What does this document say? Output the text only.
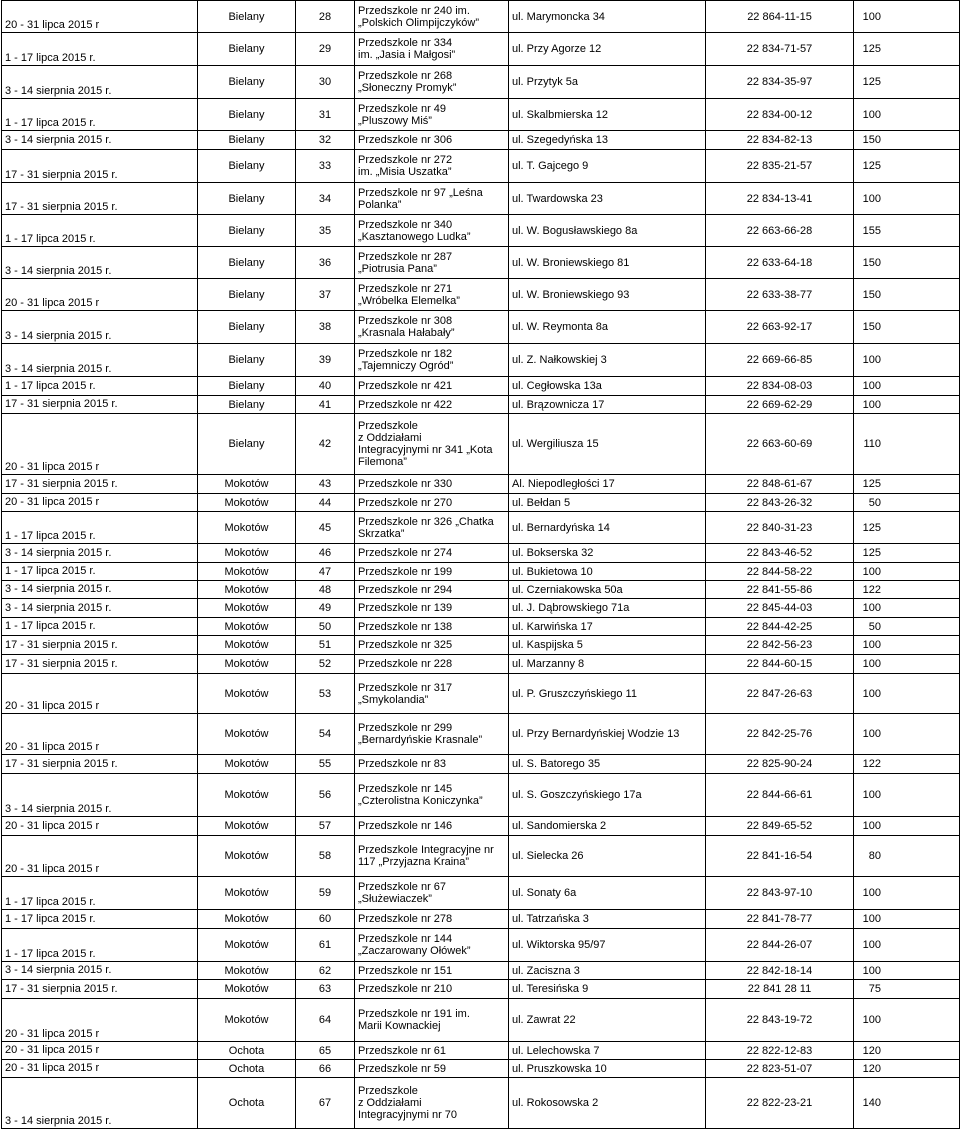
20 - 31 lipca 2015 r	Bielany	28	Przedszkole nr 240 im.
„Polskich Olimpijczyków”	ul. Marymoncka 34	22 864-11-15	100
1 - 17 lipca 2015 r.	Bielany	29	Przedszkole nr 334
im. „Jasia i Małgosi”	ul. Przy Agorze 12	22 834-71-57	125
3 - 14 sierpnia 2015 r.	Bielany	30	Przedszkole nr 268
„Słoneczny Promyk”	ul. Przytyk 5a	22 834-35-97	125
1 - 17 lipca 2015 r.	Bielany	31	Przedszkole nr 49
„Pluszowy Miś”	ul. Skalbmierska 12	22 834-00-12	100
3 - 14 sierpnia 2015 r.	Bielany	32	Przedszkole nr 306	ul. Szegedyńska 13	22 834-82-13	150
17 - 31 sierpnia 2015 r.	Bielany	33	Przedszkole nr 272
im. „Misia Uszatka”	ul. T. Gajcego 9	22 835-21-57	125
17 - 31 sierpnia 2015 r.	Bielany	34	Przedszkole nr 97 „Leśna
Polanka”	ul. Twardowska 23	22 834-13-41	100
1 - 17 lipca 2015 r.	Bielany	35	Przedszkole nr 340
„Kasztanowego Ludka”	ul. W. Bogusławskiego 8a	22 663-66-28	155
3 - 14 sierpnia 2015 r.	Bielany	36	Przedszkole nr 287
„Piotrusia Pana”	ul. W. Broniewskiego 81	22 633-64-18	150
20 - 31 lipca 2015 r	Bielany	37	Przedszkole nr 271
„Wróbelka Elemelka”	ul. W. Broniewskiego 93	22 633-38-77	150
3 - 14 sierpnia 2015 r.	Bielany	38	Przedszkole nr 308
„Krasnala Hałabały”	ul. W. Reymonta 8a	22 663-92-17	150
3 - 14 sierpnia 2015 r.	Bielany	39	Przedszkole nr 182
„Tajemniczy Ogród”	ul. Z. Nałkowskiej 3	22 669-66-85	100
1 - 17 lipca 2015 r.	Bielany	40	Przedszkole nr 421	ul. Cegłowska 13a	22 834-08-03	100
17 - 31 sierpnia 2015 r.	Bielany	41	Przedszkole nr 422	ul. Brązownicza 17	22 669-62-29	100
20 - 31 lipca 2015 r	Bielany	42	Przedszkole
z Oddziałami
Integracyjnymi nr 341 „Kota
Filemona”	ul. Wergiliusza 15	22 663-60-69	110
17 - 31 sierpnia 2015 r.	Mokotów	43	Przedszkole nr 330	Al. Niepodległości 17	22 848-61-67	125
20 - 31 lipca 2015 r	Mokotów	44	Przedszkole nr 270	ul. Bełdan 5	22 843-26-32	50
1 - 17 lipca 2015 r.	Mokotów	45	Przedszkole nr 326 „Chatka
Skrzatka”	ul. Bernardyńska 14	22 840-31-23	125
3 - 14 sierpnia 2015 r.	Mokotów	46	Przedszkole nr 274	ul. Bokserska 32	22 843-46-52	125
1 - 17 lipca 2015 r.	Mokotów	47	Przedszkole nr 199	ul. Bukietowa 10	22 844-58-22	100
3 - 14 sierpnia 2015 r.	Mokotów	48	Przedszkole nr 294	ul. Czerniakowska 50a	22 841-55-86	122
3 - 14 sierpnia 2015 r.	Mokotów	49	Przedszkole nr 139	ul. J. Dąbrowskiego 71a	22 845-44-03	100
1 - 17 lipca 2015 r.	Mokotów	50	Przedszkole nr 138	ul. Karwińska 17	22 844-42-25	50
17 - 31 sierpnia 2015 r.	Mokotów	51	Przedszkole nr 325	ul. Kaspijska 5	22 842-56-23	100
17 - 31 sierpnia 2015 r.	Mokotów	52	Przedszkole nr 228	ul. Marzanny 8	22 844-60-15	100
20 - 31 lipca 2015 r	Mokotów	53	Przedszkole nr 317
„Smykolandia”	ul. P. Gruszczyńskiego 11	22 847-26-63	100
20 - 31 lipca 2015 r	Mokotów	54	Przedszkole nr 299
„Bernardyńskie Krasnale”	ul. Przy Bernardyńskiej Wodzie 13	22 842-25-76	100
17 - 31 sierpnia 2015 r.	Mokotów	55	Przedszkole nr 83	ul. S. Batorego 35	22 825-90-24	122
3 - 14 sierpnia 2015 r.	Mokotów	56	Przedszkole nr 145
„Czterolistna Koniczynka”	ul. S. Goszczyńskiego 17a	22 844-66-61	100
20 - 31 lipca 2015 r	Mokotów	57	Przedszkole nr 146	ul. Sandomierska 2	22 849-65-52	100
20 - 31 lipca 2015 r	Mokotów	58	Przedszkole Integracyjne nr
117 „Przyjazna Kraina”	ul. Sielecka 26	22 841-16-54	80
1 - 17 lipca 2015 r.	Mokotów	59	Przedszkole nr 67
„Służewiaczek”	ul. Sonaty 6a	22 843-97-10	100
1 - 17 lipca 2015 r.	Mokotów	60	Przedszkole nr 278	ul. Tatrzańska 3	22 841-78-77	100
1 - 17 lipca 2015 r.	Mokotów	61	Przedszkole nr 144
„Zaczarowany Ołówek”	ul. Wiktorska 95/97	22 844-26-07	100
3 - 14 sierpnia 2015 r.	Mokotów	62	Przedszkole nr 151	ul. Zaciszna 3	22 842-18-14	100
17 - 31 sierpnia 2015 r.	Mokotów	63	Przedszkole nr 210	ul. Teresińska 9	22 841 28 11	75
20 - 31 lipca 2015 r	Mokotów	64	Przedszkole nr 191 im.
Marii Kownackiej	ul. Zawrat 22	22 843-19-72	100
20 - 31 lipca 2015 r	Ochota	65	Przedszkole nr 61	ul. Lelechowska 7	22 822-12-83	120
20 - 31 lipca 2015 r	Ochota	66	Przedszkole nr 59	ul. Pruszkowska 10	22 823-51-07	120
3 - 14 sierpnia 2015 r.	Ochota	67	Przedszkole
z Oddziałami
Integracyjnymi nr 70	ul. Rokosowska 2	22 822-23-21	140
